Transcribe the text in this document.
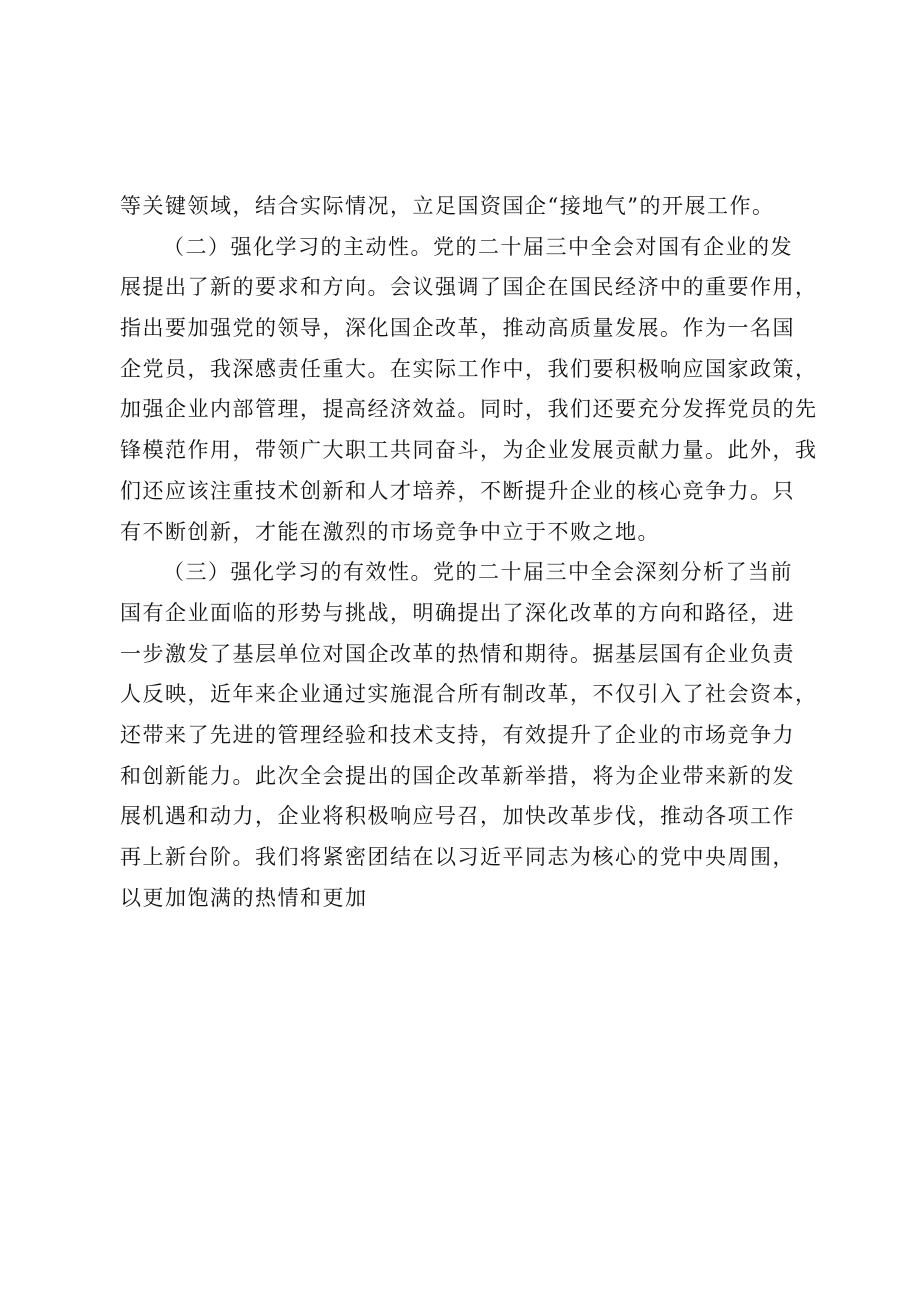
等关键领域，结合实际情况，立足国资国企“接地气”的开展工作。
（二）强化学习的主动性。党的二十届三中全会对国有企业的发
展提出了新的要求和方向。会议强调了国企在国民经济中的重要作用，
指出要加强党的领导，深化国企改革，推动高质量发展。作为一名国
企党员，我深感责任重大。在实际工作中，我们要积极响应国家政策，
加强企业内部管理，提高经济效益。同时，我们还要充分发挥党员的先
锋模范作用，带领广大职工共同奋斗，为企业发展贡献力量。此外，我
们还应该注重技术创新和人才培养，不断提升企业的核心竞争力。只
有不断创新，才能在激烈的市场竞争中立于不败之地。
（三）强化学习的有效性。党的二十届三中全会深刻分析了当前
国有企业面临的形势与挑战，明确提出了深化改革的方向和路径，进
一步激发了基层单位对国企改革的热情和期待。据基层国有企业负责
人反映，近年来企业通过实施混合所有制改革，不仅引入了社会资本，
还带来了先进的管理经验和技术支持，有效提升了企业的市场竞争力
和创新能力。此次全会提出的国企改革新举措，将为企业带来新的发
展机遇和动力，企业将积极响应号召，加快改革步伐，推动各项工作
再上新台阶。我们将紧密团结在以习近平同志为核心的党中央周围，
以更加饱满的热情和更加
